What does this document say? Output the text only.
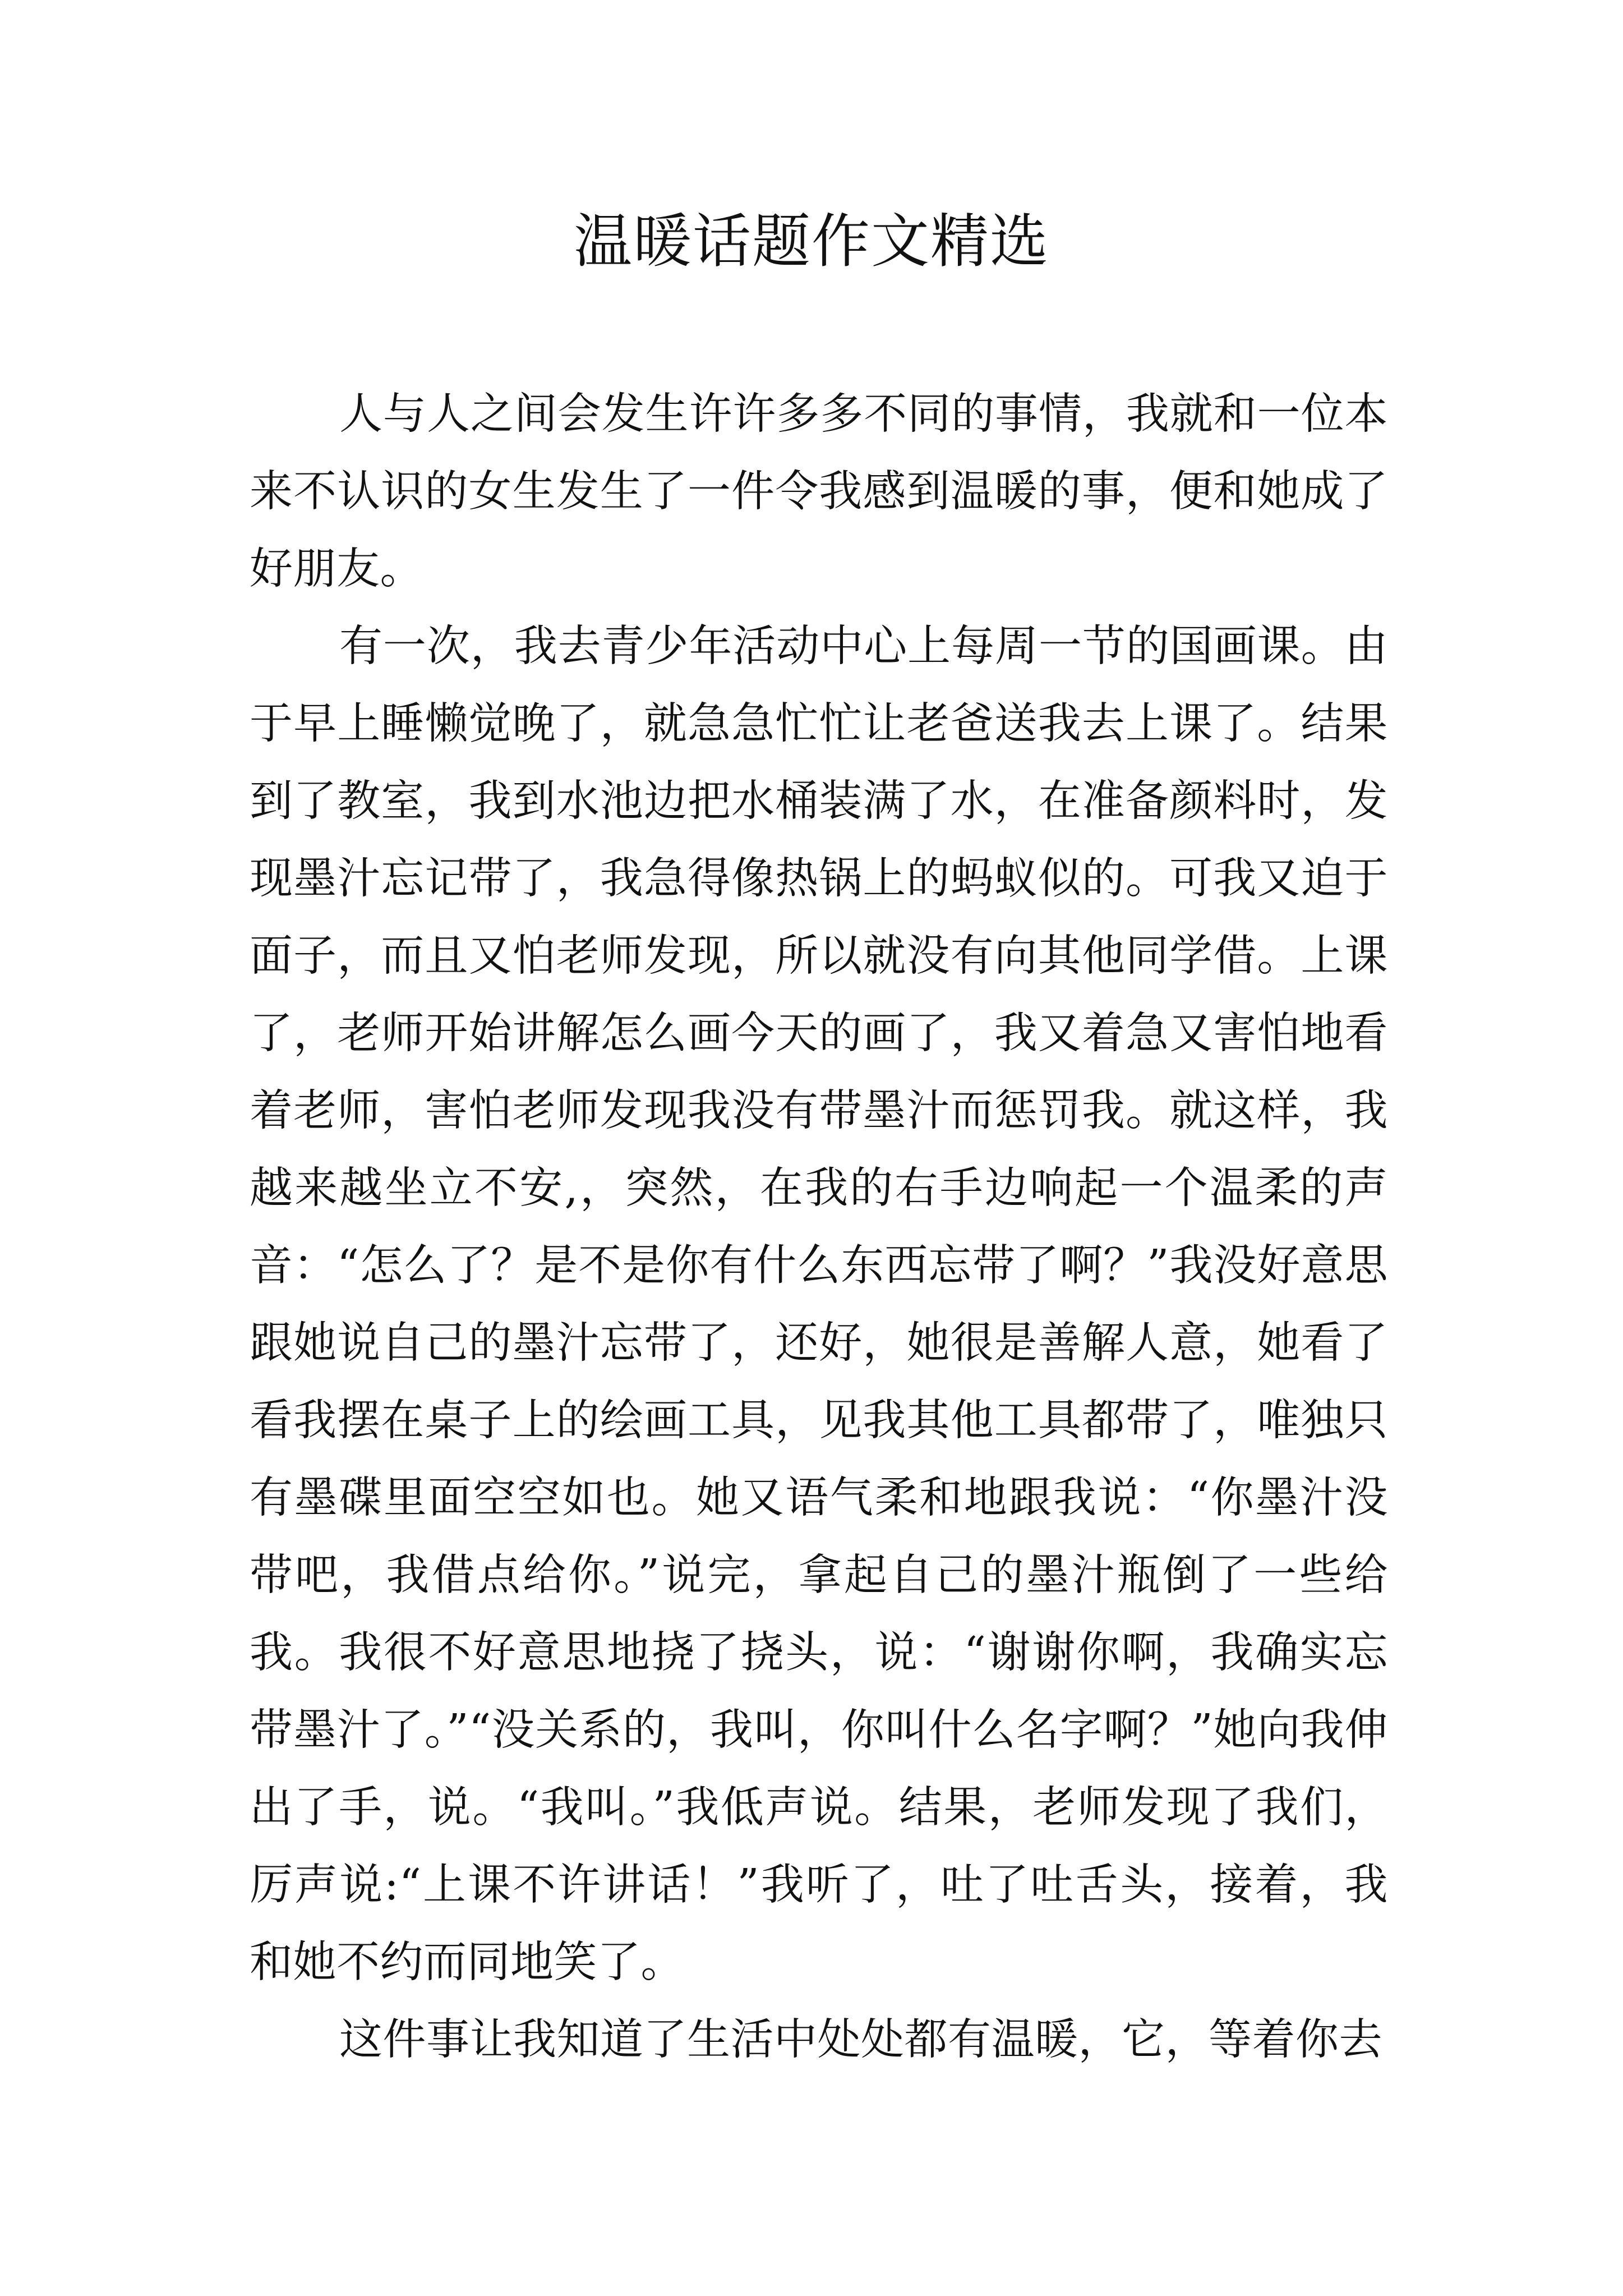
温暖话题作文精选

人与人之间会发生许许多多不同的事情，我就和一位本来不认识的女生发生了一件令我感到温暖的事，便和她成了好朋友。

有一次，我去青少年活动中心上每周一节的国画课。由于早上睡懒觉晚了，就急急忙忙让老爸送我去上课了。结果到了教室，我到水池边把水桶装满了水，在准备颜料时，发现墨汁忘记带了，我急得像热锅上的蚂蚁似的。可我又迫于面子，而且又怕老师发现，所以就没有向其他同学借。上课了，老师开始讲解怎么画今天的画了，我又着急又害怕地看着老师，害怕老师发现我没有带墨汁而惩罚我。就这样，我越来越坐立不安,，突然，在我的右手边响起一个温柔的声音：“怎么了？是不是你有什么东西忘带了啊？”我没好意思跟她说自己的墨汁忘带了，还好，她很是善解人意，她看了看我摆在桌子上的绘画工具，见我其他工具都带了，唯独只有墨碟里面空空如也。她又语气柔和地跟我说：“你墨汁没带吧，我借点给你。”说完，拿起自己的墨汁瓶倒了一些给我。我很不好意思地挠了挠头，说：“谢谢你啊，我确实忘带墨汁了。”“没关系的，我叫，你叫什么名字啊？”她向我伸出了手，说。“我叫。”我低声说。结果，老师发现了我们，厉声说:“上课不许讲话！”我听了，吐了吐舌头，接着，我和她不约而同地笑了。

这件事让我知道了生活中处处都有温暖，它，等着你去
